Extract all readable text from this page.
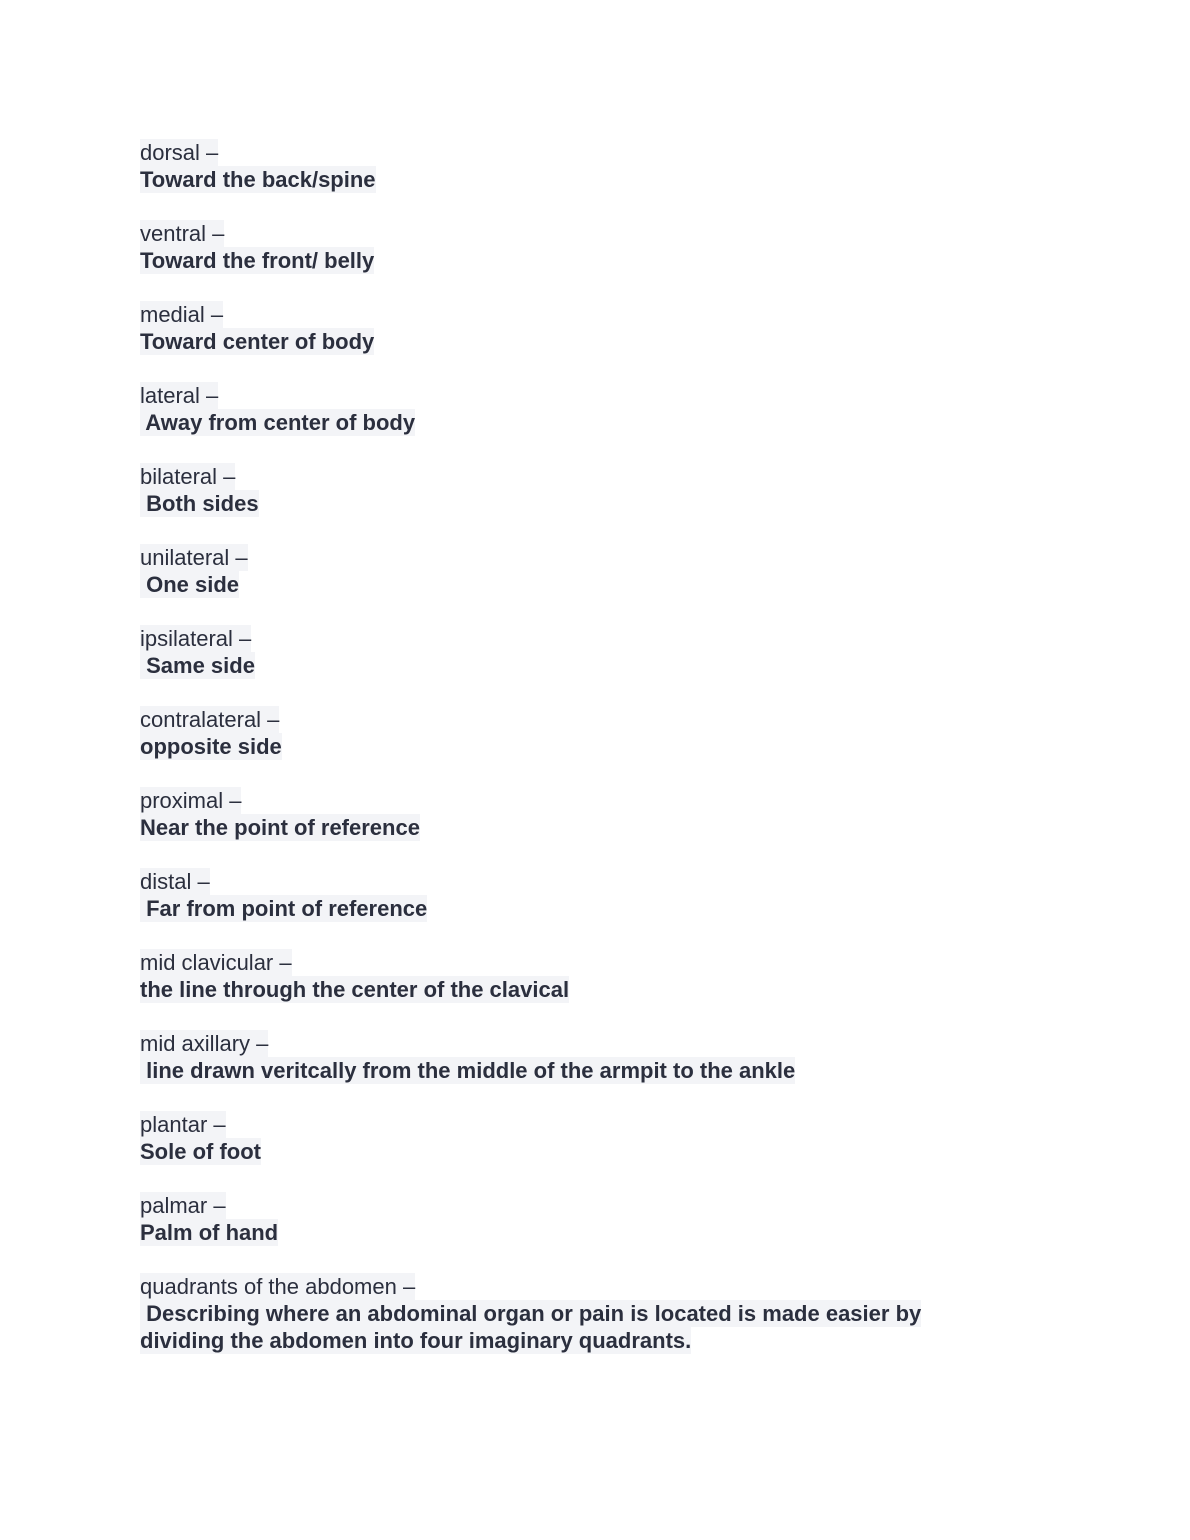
dorsal –
Toward the back/spine
ventral –
Toward the front/ belly
medial –
Toward center of body
lateral –
Away from center of body
bilateral –
Both sides
unilateral –
One side
ipsilateral –
Same side
contralateral –
opposite side
proximal –
Near the point of reference
distal –
Far from point of reference
mid clavicular –
the line through the center of the clavical
mid axillary –
line drawn veritcally from the middle of the armpit to the ankle
plantar –
Sole of foot
palmar –
Palm of hand
quadrants of the abdomen –
Describing where an abdominal organ or pain is located is made easier by
dividing the abdomen into four imaginary quadrants.
